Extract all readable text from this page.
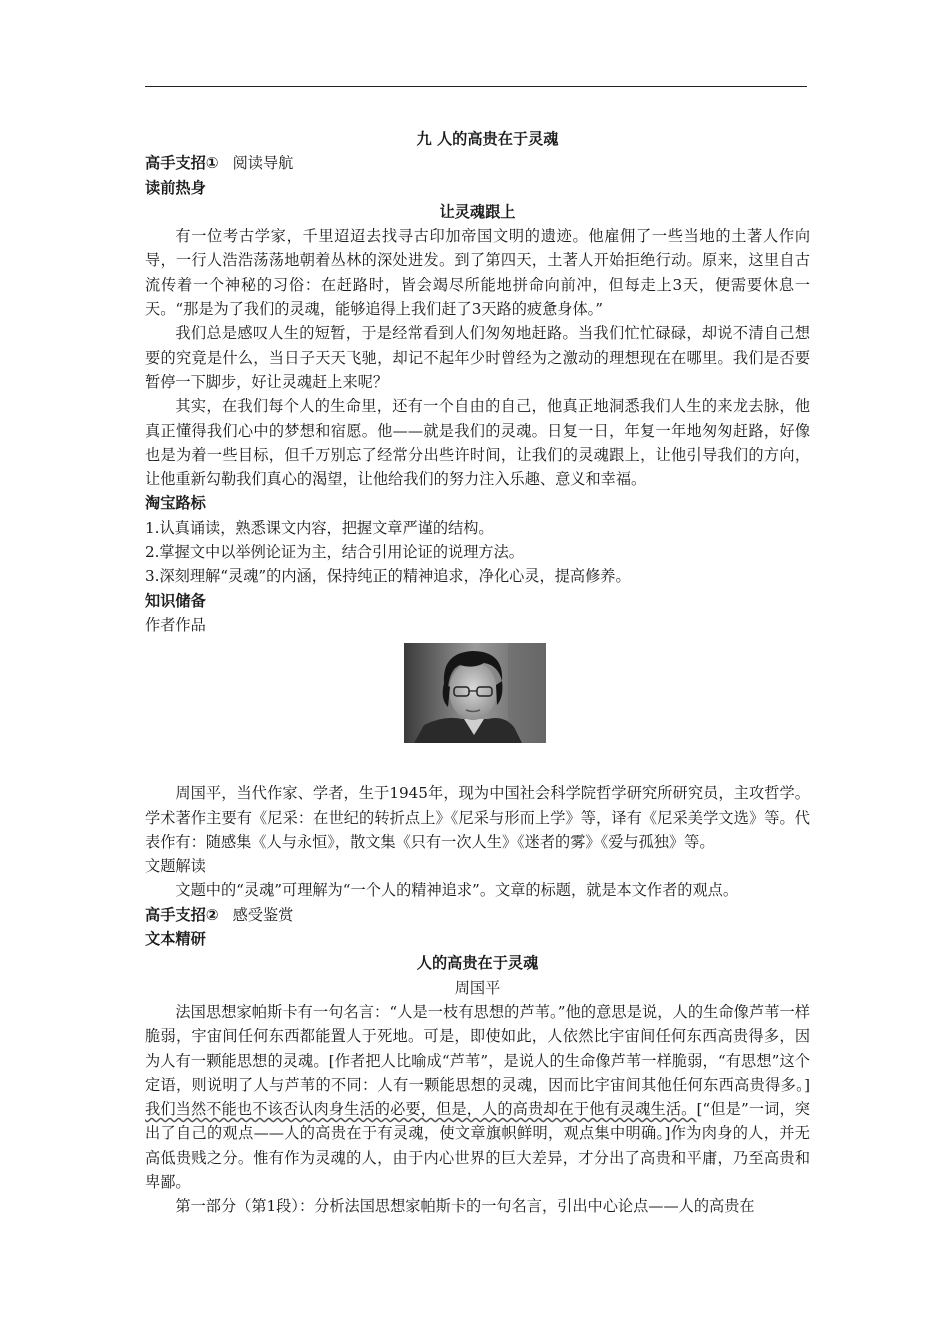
九 人的高贵在于灵魂

高手支招① 阅读导航

读前热身

让灵魂跟上

有一位考古学家，千里迢迢去找寻古印加帝国文明的遗迹。他雇佣了一些当地的土著人作向导，一行人浩浩荡荡地朝着丛林的深处进发。到了第四天，土著人开始拒绝行动。原来，这里自古流传着一个神秘的习俗：在赶路时，皆会竭尽所能地拼命向前冲，但每走上3天，便需要休息一天。“那是为了我们的灵魂，能够追得上我们赶了3天路的疲惫身体。”

我们总是感叹人生的短暂，于是经常看到人们匆匆地赶路。当我们忙忙碌碌，却说不清自己想要的究竟是什么，当日子天天飞驰，却记不起年少时曾经为之激动的理想现在在哪里。我们是否要暂停一下脚步，好让灵魂赶上来呢？

其实，在我们每个人的生命里，还有一个自由的自己，他真正地洞悉我们人生的来龙去脉，他真正懂得我们心中的梦想和宿愿。他——就是我们的灵魂。日复一日，年复一年地匆匆赶路，好像也是为着一些目标，但千万别忘了经常分出些许时间，让我们的灵魂跟上，让他引导我们的方向，让他重新勾勒我们真心的渴望，让他给我们的努力注入乐趣、意义和幸福。

淘宝路标

1.认真诵读，熟悉课文内容，把握文章严谨的结构。

2.掌握文中以举例论证为主，结合引用论证的说理方法。

3.深刻理解“灵魂”的内涵，保持纯正的精神追求，净化心灵，提高修养。

知识储备

作者作品

周国平，当代作家、学者，生于1945年，现为中国社会科学院哲学研究所研究员，主攻哲学。学术著作主要有《尼采：在世纪的转折点上》《尼采与形而上学》等，译有《尼采美学文选》等。代表作有：随感集《人与永恒》，散文集《只有一次人生》《迷者的雾》《爱与孤独》等。

文题解读

文题中的“灵魂”可理解为“一个人的精神追求”。文章的标题，就是本文作者的观点。

高手支招② 感受鉴赏

文本精研

人的高贵在于灵魂

周国平

法国思想家帕斯卡有一句名言：“人是一枝有思想的芦苇。”他的意思是说，人的生命像芦苇一样脆弱，宇宙间任何东西都能置人于死地。可是，即使如此，人依然比宇宙间任何东西高贵得多，因为人有一颗能思想的灵魂。[作者把人比喻成“芦苇”，是说人的生命像芦苇一样脆弱，“有思想”这个定语，则说明了人与芦苇的不同：人有一颗能思想的灵魂，因而比宇宙间其他任何东西高贵得多。]我们当然不能也不该否认肉身生活的必要，但是，人的高贵却在于他有灵魂生活。[“但是”一词，突出了自己的观点——人的高贵在于有灵魂，使文章旗帜鲜明，观点集中明确。]作为肉身的人，并无高低贵贱之分。惟有作为灵魂的人，由于内心世界的巨大差异，才分出了高贵和平庸，乃至高贵和卑鄙。

第一部分（第1段）：分析法国思想家帕斯卡的一句名言，引出中心论点——人的高贵在
